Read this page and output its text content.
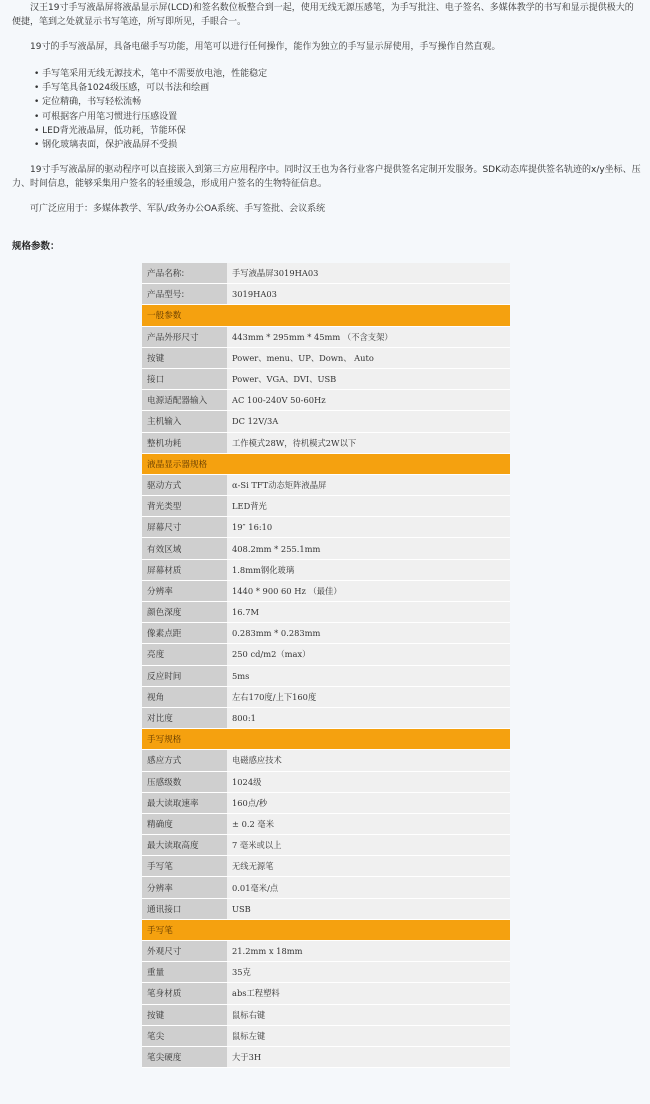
汉王19寸手写液晶屏将液晶显示屏(LCD)和签名数位板整合到一起，使用无线无源压感笔，为手写批注、电子签名、多媒体教学的书写和显示提供极大的便捷，笔到之处就显示书写笔迹，所写即所见，手眼合一。

19寸的手写液晶屏，具备电磁手写功能，用笔可以进行任何操作，能作为独立的手写显示屏使用，手写操作自然直观。

• 手写笔采用无线无源技术，笔中不需要放电池，性能稳定
• 手写笔具备1024级压感，可以书法和绘画
• 定位精确，书写轻松流畅
• 可根据客户用笔习惯进行压感设置
• LED背光液晶屏，低功耗，节能环保
• 钢化玻璃表面，保护液晶屏不受损

19寸手写液晶屏的驱动程序可以直接嵌入到第三方应用程序中。同时汉王也为各行业客户提供签名定制开发服务。SDK动态库提供签名轨迹的x/y坐标、压力、时间信息，能够采集用户签名的轻重缓急，形成用户签名的生物特征信息。

可广泛应用于：多媒体教学、军队/政务办公OA系统、手写签批、会议系统

规格参数：
产品名称:	手写液晶屏3019HA03
产品型号:	3019HA03
一般参数	
产品外形尺寸	443mm * 295mm * 45mm （不含支架）
按键	Power、menu、UP、Down、 Auto
接口	Power、VGA、DVI、USB
电源适配器输入	AC 100-240V 50-60Hz
主机输入	DC 12V/3A
整机功耗	工作模式28W，待机模式2W以下
液晶显示器规格	
驱动方式	α-Si TFT动态矩阵液晶屏
背光类型	LED背光
屏幕尺寸	19″ 16:10
有效区域	408.2mm * 255.1mm
屏幕材质	1.8mm钢化玻璃
分辨率	1440 * 900 60 Hz （最佳）
颜色深度	16.7M
像素点距	0.283mm * 0.283mm
亮度	250 cd/m2（max）
反应时间	5ms
视角	左右170度/上下160度
对比度	800:1
手写规格	
感应方式	电磁感应技术
压感级数	1024级
最大读取速率	160点/秒
精确度	± 0.2 毫米
最大读取高度	7 毫米或以上
手写笔	无线无源笔
分辨率	0.01毫米/点
通讯接口	USB
手写笔	
外观尺寸	21.2mm x 18mm
重量	35克
笔身材质	abs工程塑料
按键	鼠标右键
笔尖	鼠标左键
笔尖硬度	大于3H
